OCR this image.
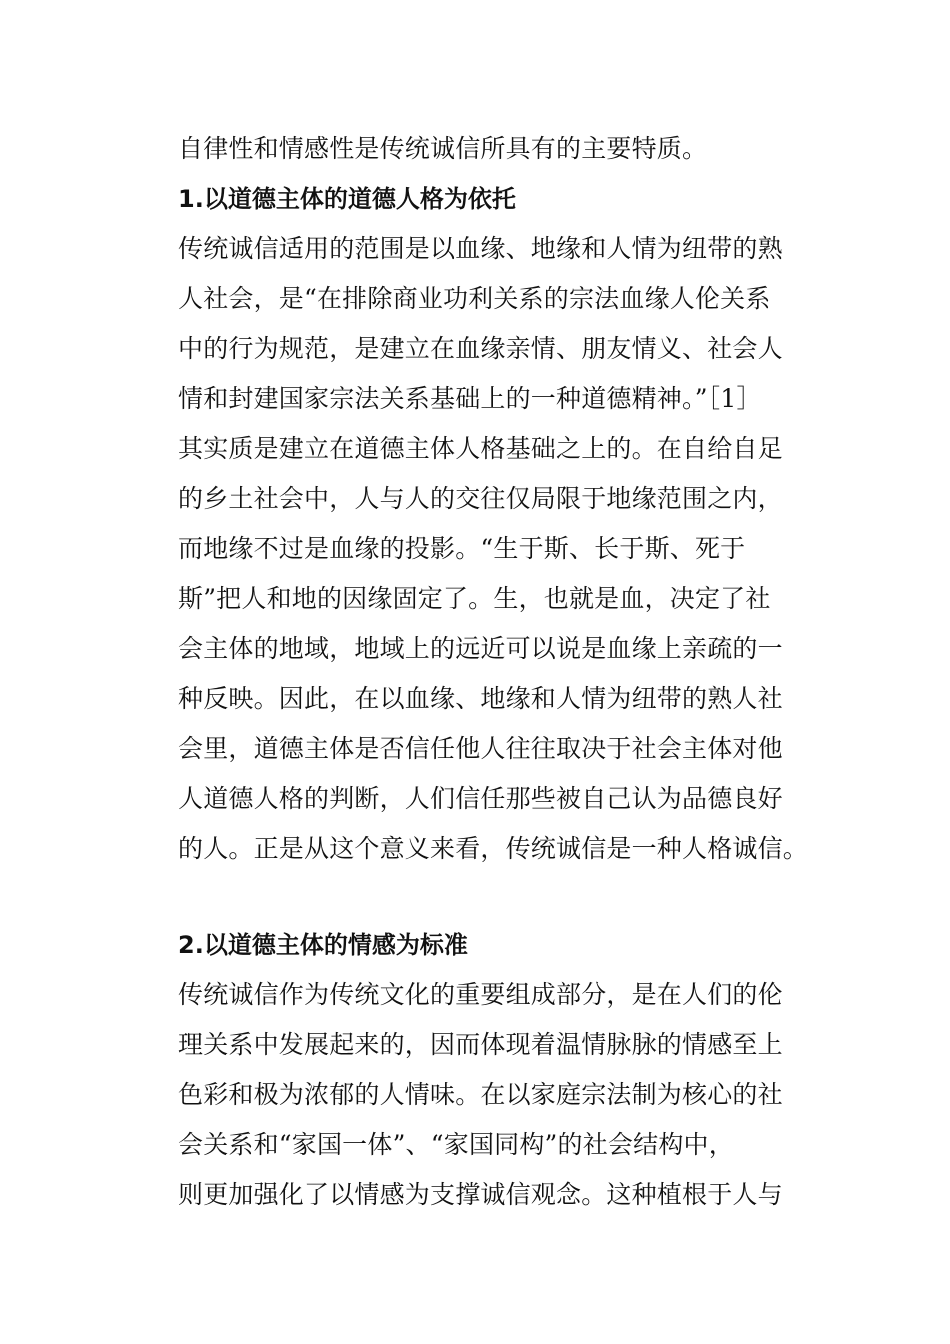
自律性和情感性是传统诚信所具有的主要特质。
1.以道德主体的道德人格为依托
传统诚信适用的范围是以血缘、地缘和人情为纽带的熟
人社会，是“在排除商业功利关系的宗法血缘人伦关系
中的行为规范，是建立在血缘亲情、朋友情义、社会人
情和封建国家宗法关系基础上的一种道德精神。”［1］
其实质是建立在道德主体人格基础之上的。在自给自足
的乡土社会中，人与人的交往仅局限于地缘范围之内，
而地缘不过是血缘的投影。“生于斯、长于斯、死于
斯”把人和地的因缘固定了。生，也就是血，决定了社
会主体的地域，地域上的远近可以说是血缘上亲疏的一
种反映。因此，在以血缘、地缘和人情为纽带的熟人社
会里，道德主体是否信任他人往往取决于社会主体对他
人道德人格的判断，人们信任那些被自己认为品德良好
的人。正是从这个意义来看，传统诚信是一种人格诚信。
2.以道德主体的情感为标准
传统诚信作为传统文化的重要组成部分，是在人们的伦
理关系中发展起来的，因而体现着温情脉脉的情感至上
色彩和极为浓郁的人情味。在以家庭宗法制为核心的社
会关系和“家国一体”、“家国同构”的社会结构中，
则更加强化了以情感为支撑诚信观念。这种植根于人与
